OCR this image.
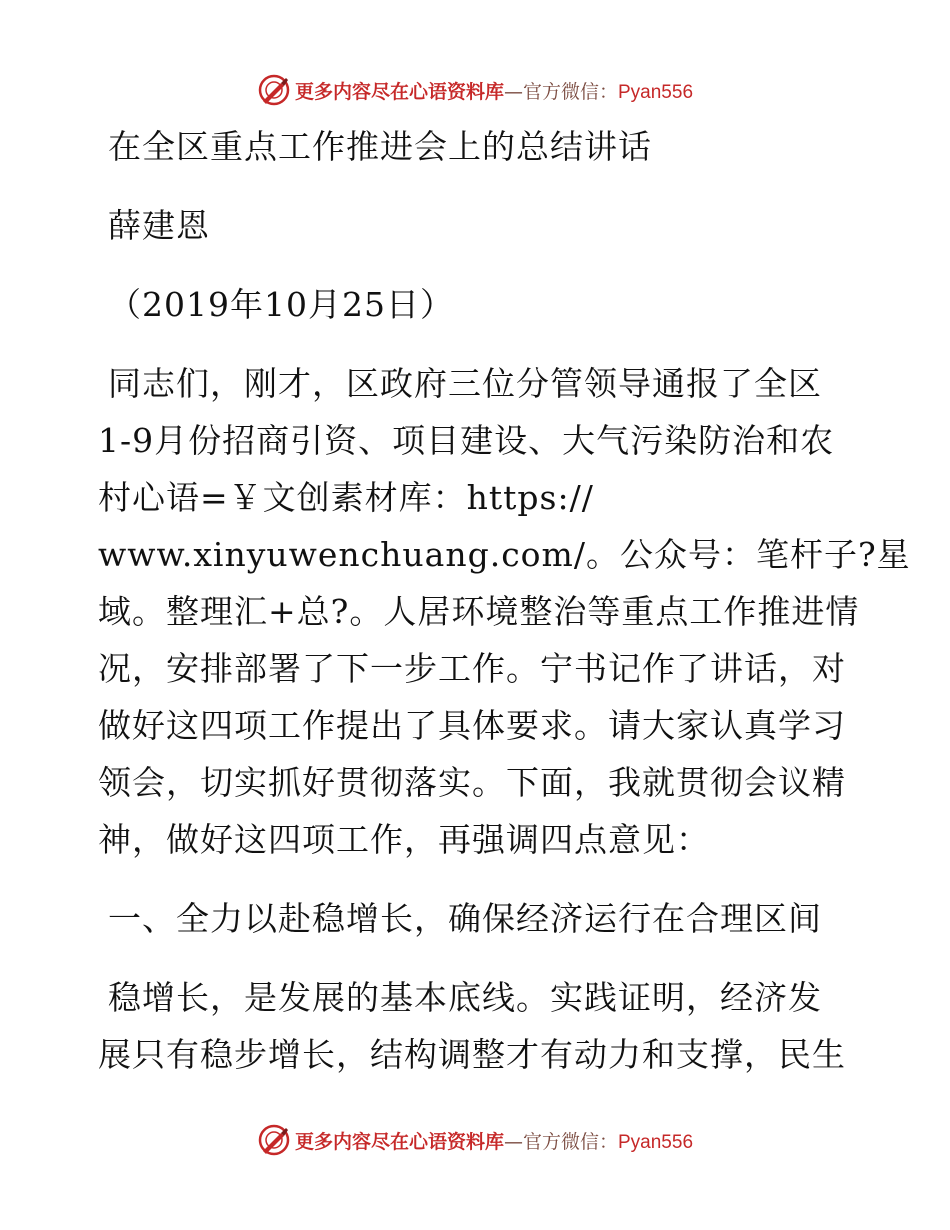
更多内容尽在心语资料库—官方微信：Pyan556
在全区重点工作推进会上的总结讲话
薛建恩
（2019年10月25日）
同志们，刚才，区政府三位分管领导通报了全区
1-9月份招商引资、项目建设、大气污染防治和农
村心语=￥文创素材库：https://
www.xinyuwenchuang.com/。公众号：笔杆子?星
域。整理汇+总?。人居环境整治等重点工作推进情
况，安排部署了下一步工作。宁书记作了讲话，对
做好这四项工作提出了具体要求。请大家认真学习
领会，切实抓好贯彻落实。下面，我就贯彻会议精
神，做好这四项工作，再强调四点意见：
一、全力以赴稳增长，确保经济运行在合理区间
稳增长，是发展的基本底线。实践证明，经济发
展只有稳步增长，结构调整才有动力和支撑，民生
更多内容尽在心语资料库—官方微信：Pyan556
